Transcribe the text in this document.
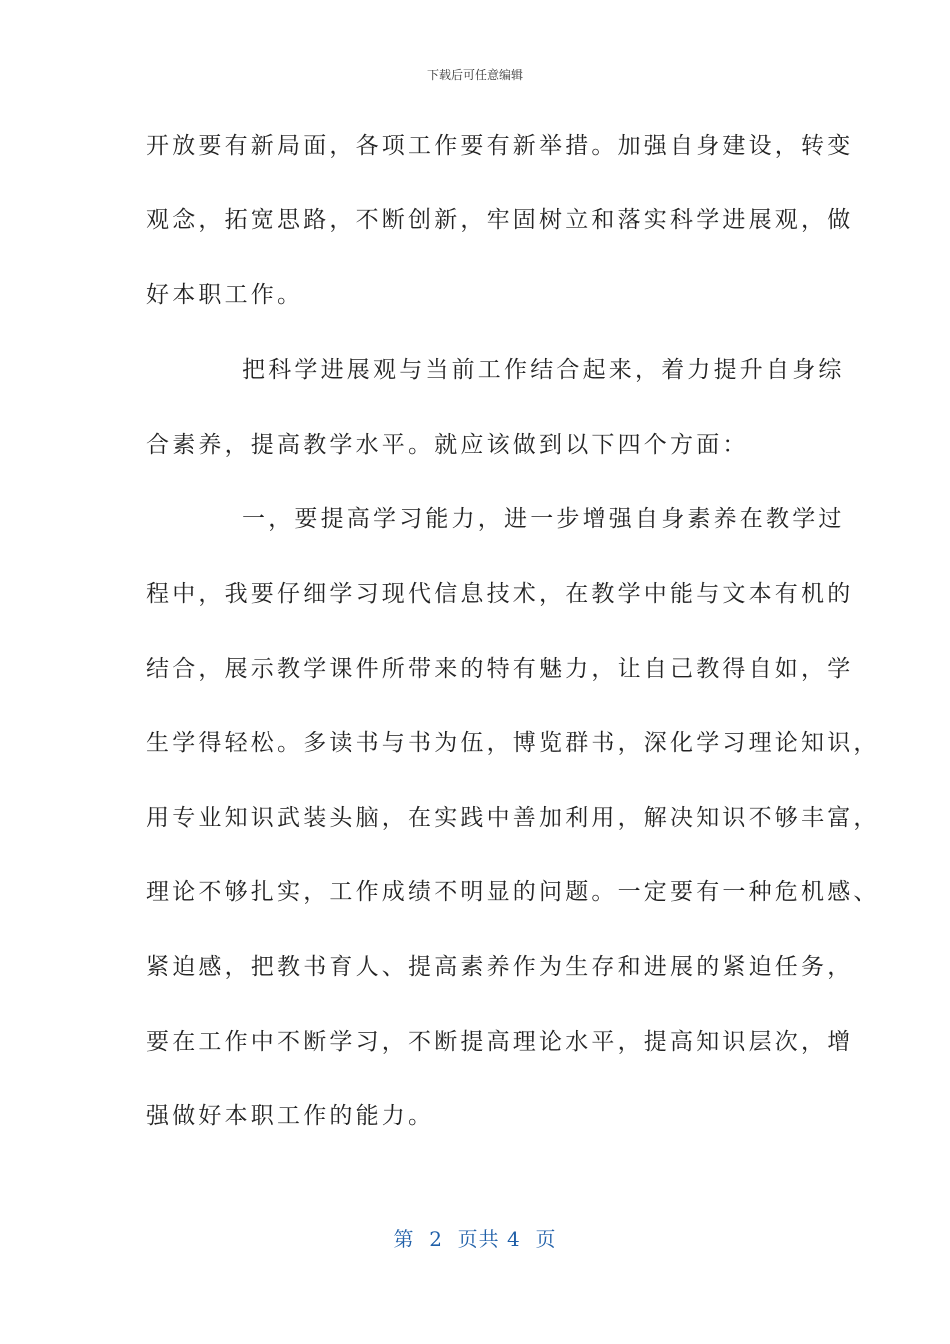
下载后可任意编辑
开放要有新局面，各项工作要有新举措。加强自身建设，转变
观念，拓宽思路，不断创新，牢固树立和落实科学进展观，做
好本职工作。
把科学进展观与当前工作结合起来，着力提升自身综
合素养，提高教学水平。就应该做到以下四个方面：
一，要提高学习能力，进一步增强自身素养在教学过
程中，我要仔细学习现代信息技术，在教学中能与文本有机的
结合，展示教学课件所带来的特有魅力，让自己教得自如，学
生学得轻松。多读书与书为伍，博览群书，深化学习理论知识，
用专业知识武装头脑，在实践中善加利用，解决知识不够丰富，
理论不够扎实，工作成绩不明显的问题。一定要有一种危机感、
紧迫感，把教书育人、提高素养作为生存和进展的紧迫任务，
要在工作中不断学习，不断提高理论水平，提高知识层次，增
强做好本职工作的能力。
第  2  页共 4  页
